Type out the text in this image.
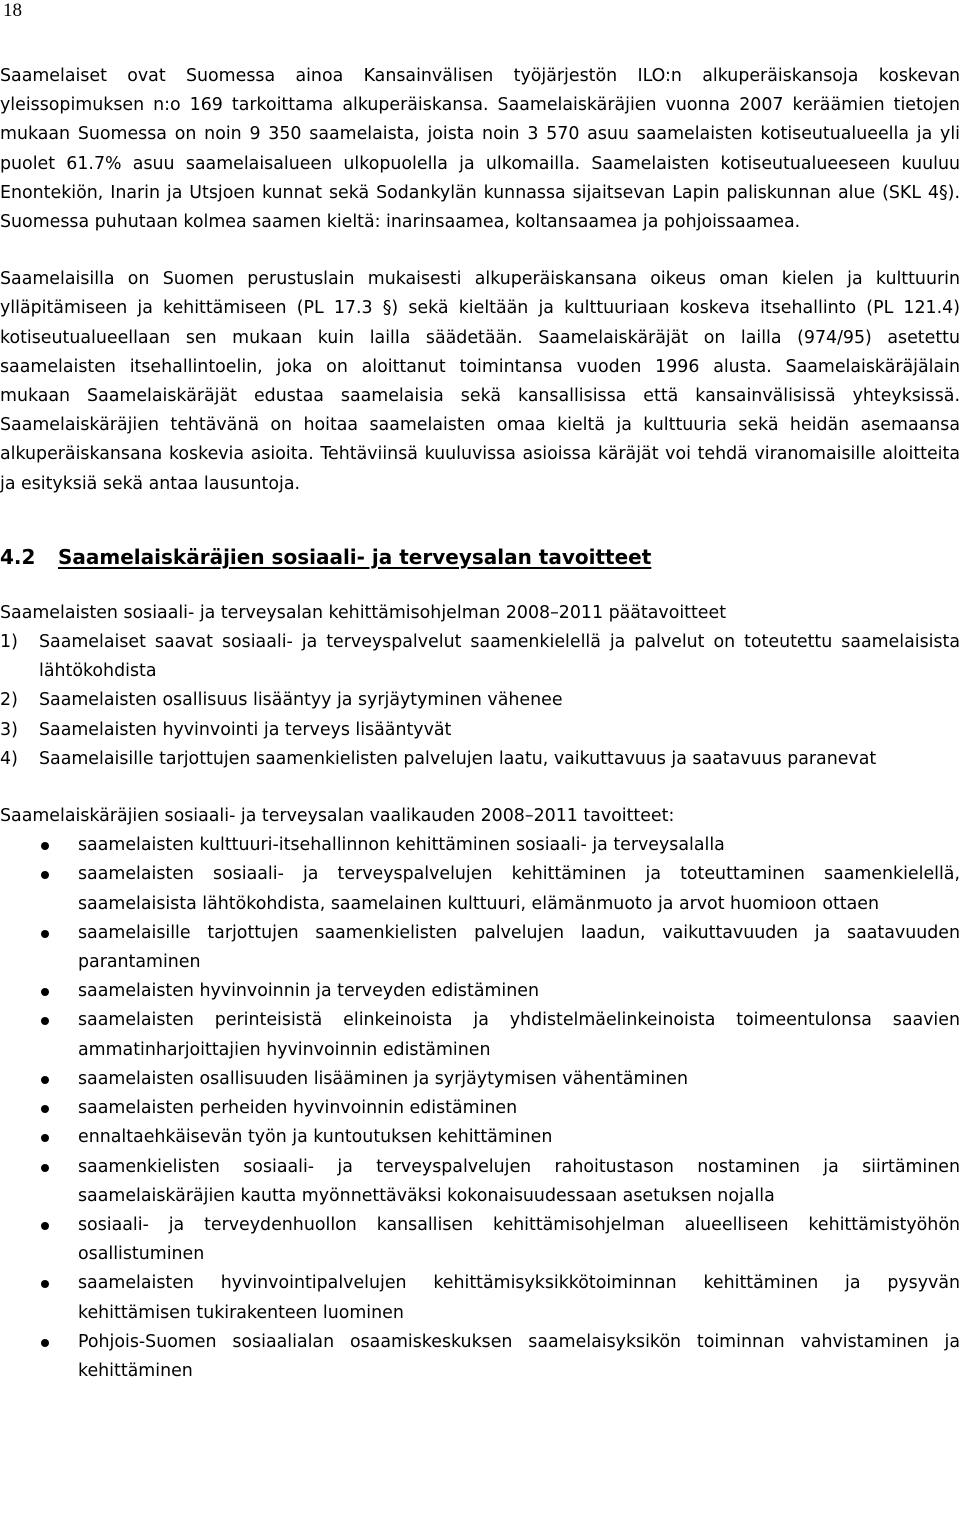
18

Saamelaiset ovat Suomessa ainoa Kansainvälisen työjärjestön ILO:n alkuperäiskansoja koskevan yleissopimuksen n:o 169 tarkoittama alkuperäiskansa. Saamelaiskäräjien vuonna 2007 keräämien tietojen mukaan Suomessa on noin 9 350 saamelaista, joista noin 3 570 asuu saamelaisten kotiseutualueella ja yli puolet 61.7% asuu saamelaisalueen ulkopuolella ja ulkomailla. Saamelaisten kotiseutualueeseen kuuluu Enontekiön, Inarin ja Utsjoen kunnat sekä Sodankylän kunnassa sijaitsevan Lapin paliskunnan alue (SKL 4§). Suomessa puhutaan kolmea saamen kieltä: inarinsaamea, koltansaamea ja pohjoissaamea.

Saamelaisilla on Suomen perustuslain mukaisesti alkuperäiskansana oikeus oman kielen ja kulttuurin ylläpitämiseen ja kehittämiseen (PL 17.3 §) sekä kieltään ja kulttuuriaan koskeva itsehallinto (PL 121.4) kotiseutualueellaan sen mukaan kuin lailla säädetään. Saamelaiskäräjät on lailla (974/95) asetettu saamelaisten itsehallintoelin, joka on aloittanut toimintansa vuoden 1996 alusta. Saamelaiskäräjälain mukaan Saamelaiskäräjät edustaa saamelaisia sekä kansallisissa että kansainvälisissä yhteyksissä. Saamelaiskäräjien tehtävänä on hoitaa saamelaisten omaa kieltä ja kulttuuria sekä heidän asemaansa alkuperäiskansana koskevia asioita. Tehtäviinsä kuuluvissa asioissa käräjät voi tehdä viranomaisille aloitteita ja esityksiä sekä antaa lausuntoja.

4.2 Saamelaiskäräjien sosiaali- ja terveysalan tavoitteet
Saamelaisten sosiaali- ja terveysalan kehittämisohjelman 2008–2011 päätavoitteet
1) Saamelaiset saavat sosiaali- ja terveyspalvelut saamenkielellä ja palvelut on toteutettu saamelaisista lähtökohdista
2) Saamelaisten osallisuus lisääntyy ja syrjäytyminen vähenee
3) Saamelaisten hyvinvointi ja terveys lisääntyvät
4) Saamelaisille tarjottujen saamenkielisten palvelujen laatu, vaikuttavuus ja saatavuus paranevat
Saamelaiskäräjien sosiaali- ja terveysalan vaalikauden 2008–2011 tavoitteet:
saamelaisten kulttuuri-itsehallinnon kehittäminen sosiaali- ja terveysalalla
saamelaisten sosiaali- ja terveyspalvelujen kehittäminen ja toteuttaminen saamenkielellä, saamelaisista lähtökohdista, saamelainen kulttuuri, elämänmuoto ja arvot huomioon ottaen
saamelaisille tarjottujen saamenkielisten palvelujen laadun, vaikuttavuuden ja saatavuuden parantaminen
saamelaisten hyvinvoinnin ja terveyden edistäminen
saamelaisten perinteisistä elinkeinoista ja yhdistelmäelinkeinoista toimeentulonsa saavien ammatinharjoittajien hyvinvoinnin edistäminen
saamelaisten osallisuuden lisääminen ja syrjäytymisen vähentäminen
saamelaisten perheiden hyvinvoinnin edistäminen
ennaltaehkäisevän työn ja kuntoutuksen kehittäminen
saamenkielisten sosiaali- ja terveyspalvelujen rahoitustason nostaminen ja siirtäminen saamelaiskäräjien kautta myönnettäväksi kokonaisuudessaan asetuksen nojalla
sosiaali- ja terveydenhuollon kansallisen kehittämisohjelman alueelliseen kehittämistyöhön osallistuminen
saamelaisten hyvinvointipalvelujen kehittämisyksikkötoiminnan kehittäminen ja pysyvän kehittämisen tukirakenteen luominen
Pohjois-Suomen sosiaalialan osaamiskeskuksen saamelaisyksikön toiminnan vahvistaminen ja kehittäminen
